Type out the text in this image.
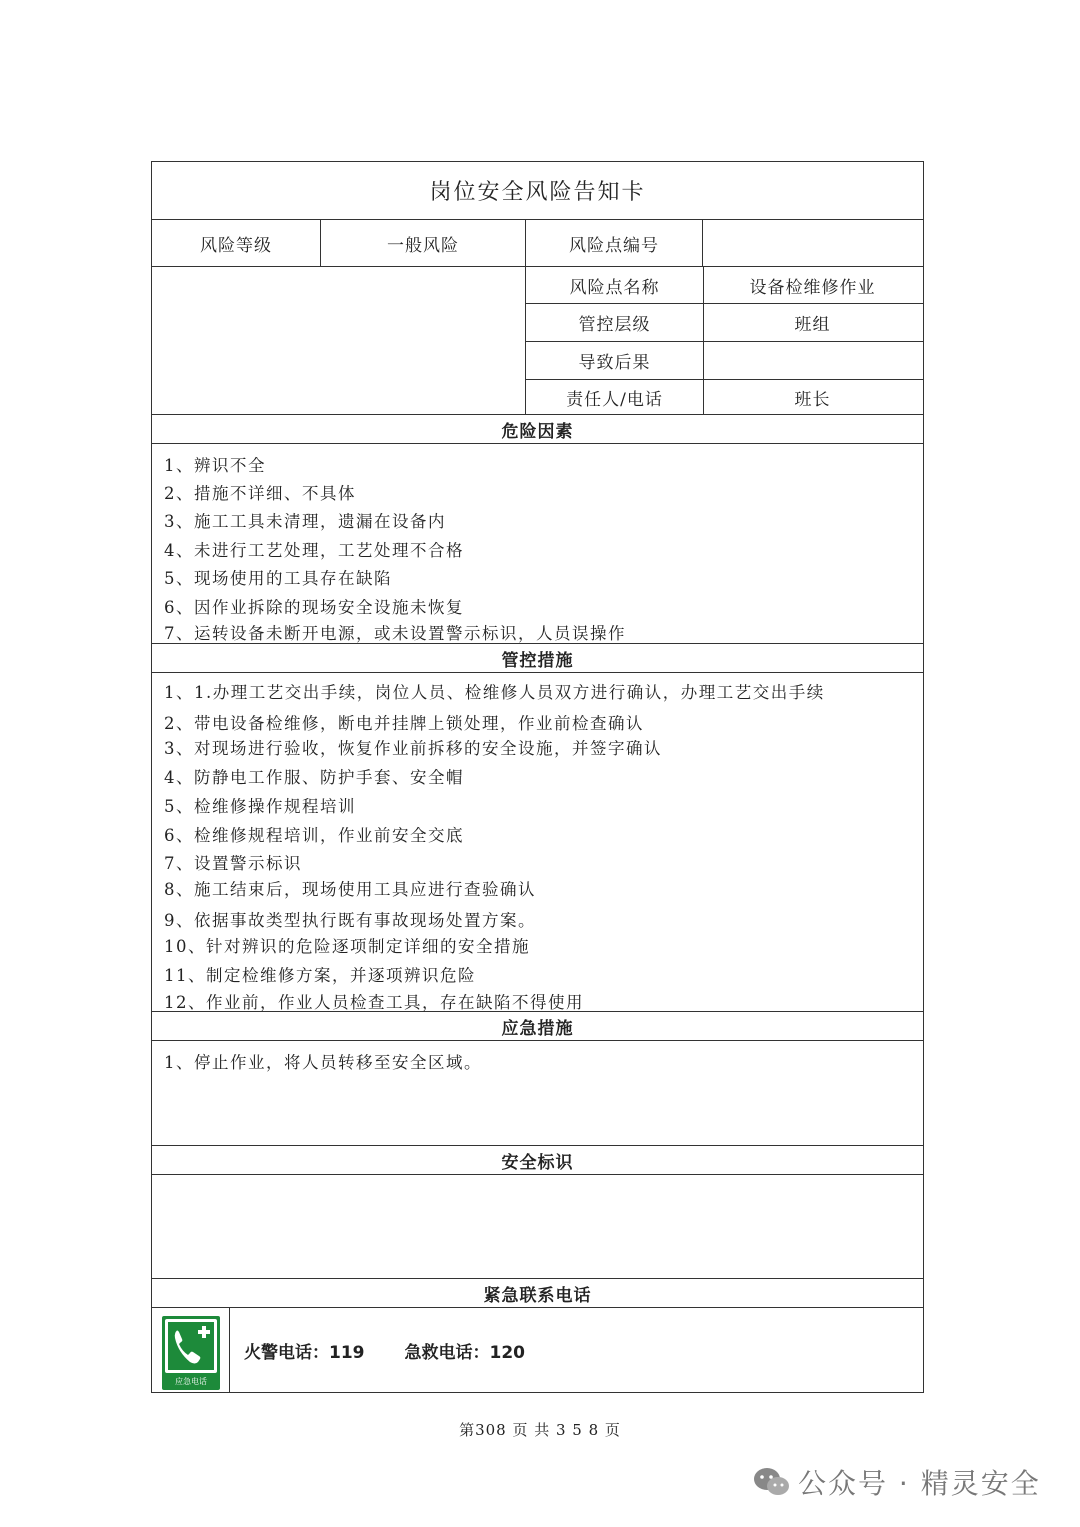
岗位安全风险告知卡
风险等级	一般风险	风险点编号
风险点名称	设备检维修作业
管控层级	班组
导致后果
责任人/电话	班长
危险因素
1、辨识不全
2、措施不详细、不具体
3、施工工具未清理，遗漏在设备内
4、未进行工艺处理，工艺处理不合格
5、现场使用的工具存在缺陷
6、因作业拆除的现场安全设施未恢复
7、运转设备未断开电源，或未设置警示标识，人员误操作
管控措施
1、1.办理工艺交出手续，岗位人员、检维修人员双方进行确认，办理工艺交出手续
2、带电设备检维修，断电并挂牌上锁处理，作业前检查确认
3、对现场进行验收，恢复作业前拆移的安全设施，并签字确认
4、防静电工作服、防护手套、安全帽
5、检维修操作规程培训
6、检维修规程培训，作业前安全交底
7、设置警示标识
8、施工结束后，现场使用工具应进行查验确认
9、依据事故类型执行既有事故现场处置方案。
10、针对辨识的危险逐项制定详细的安全措施
11、制定检维修方案，并逐项辨识危险
12、作业前，作业人员检查工具，存在缺陷不得使用
应急措施
1、停止作业，将人员转移至安全区域。
安全标识
紧急联系电话
应急电话
火警电话：119 急救电话：120
第308 页 共 3 5 8 页
公众号 · 精灵安全
